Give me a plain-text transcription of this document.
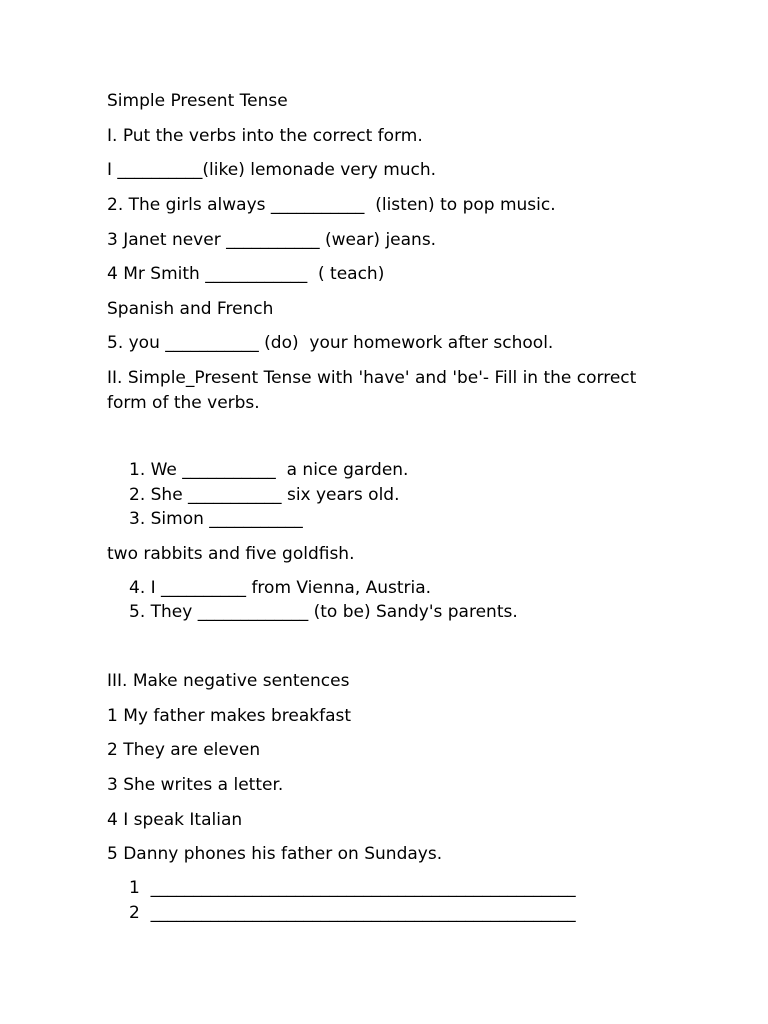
Simple Present Tense
I. Put the verbs into the correct form.
I __________(like) lemonade very much.
2. The girls always ___________  (listen) to pop music.
3 Janet never ___________ (wear) jeans.
4 Mr Smith ____________  ( teach)
Spanish and French
5. you ___________ (do)  your homework after school.
II. Simple_Present Tense with 'have' and 'be'- Fill in the correct form of the verbs.
1. We ___________  a nice garden.
2. She ___________ six years old.
3. Simon ___________
two rabbits and five goldfish.
4. I __________ from Vienna, Austria.
5. They _____________ (to be) Sandy's parents.
III. Make negative sentences
1 My father makes breakfast
2 They are eleven
3 She writes a letter.
4 I speak Italian
5 Danny phones his father on Sundays.
1  __________________________________________________
2  __________________________________________________
